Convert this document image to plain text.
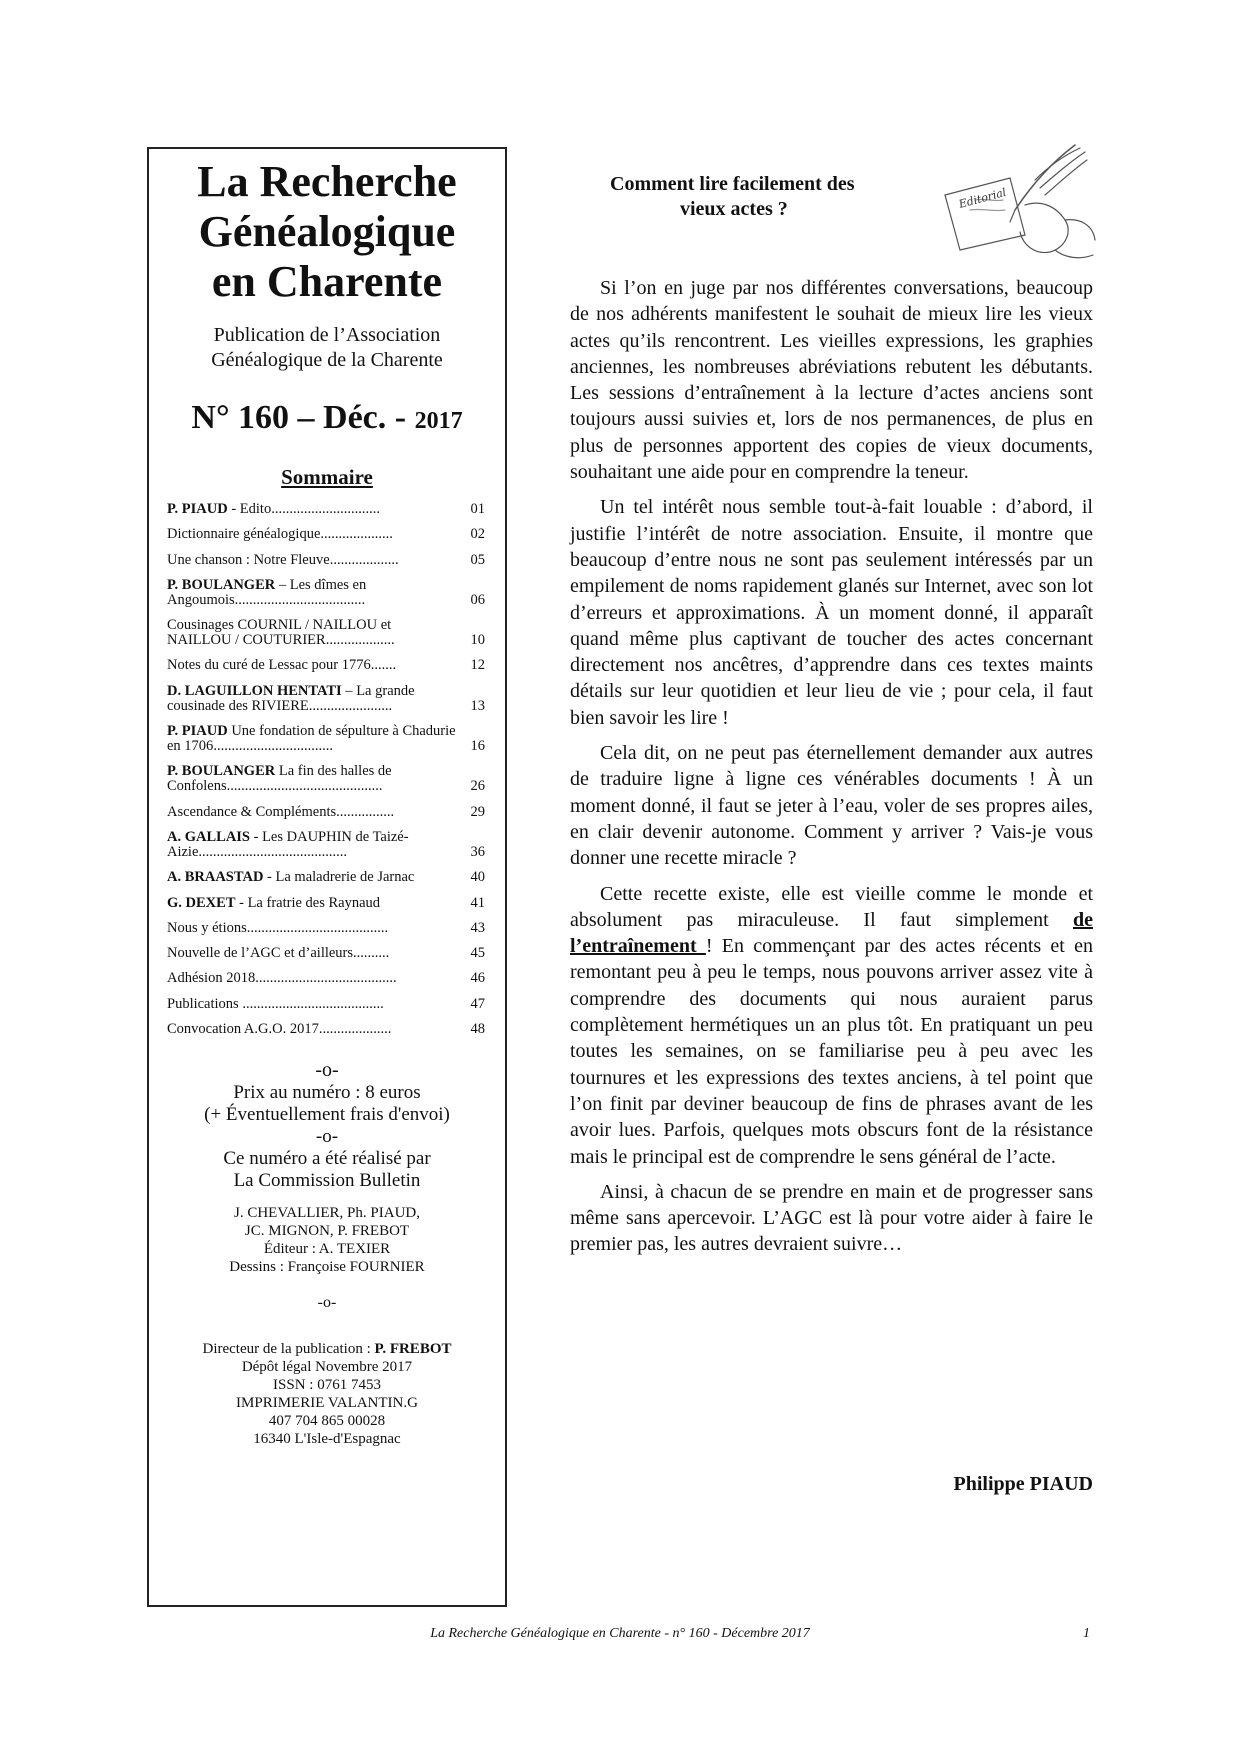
La Recherche
Généalogique
en Charente
Publication de l’Association
Généalogique de la Charente
N° 160 – Déc. - 2017
Sommaire
P. PIAUD - Edito..............................	01
Dictionnaire généalogique....................	02
Une chanson : Notre Fleuve...................	05
P. BOULANGER – Les dîmes en Angoumois....................................	06
Cousinages COURNIL / NAILLOU et NAILLOU / COUTURIER...................	10
Notes du curé de Lessac pour 1776.......	12
D. LAGUILLON HENTATI – La grande cousinade des RIVIERE.......................	13
P. PIAUD Une fondation de sépulture à Chadurie en 1706.................................	16
P. BOULANGER La fin des halles de Confolens...........................................	26
Ascendance & Compléments................	29
A. GALLAIS - Les DAUPHIN de Taizé-Aizie.........................................	36
A. BRAASTAD - La maladrerie de Jarnac	40
G. DEXET - La fratrie des Raynaud	41
Nous y étions.......................................	43
Nouvelle de l’AGC et d’ailleurs..........	45
Adhésion 2018.......................................	46
Publications .......................................	47
Convocation A.G.O. 2017....................	48
-o-
Prix au numéro : 8 euros
(+ Éventuellement frais d'envoi)
-o-
Ce numéro a été réalisé par
La Commission Bulletin
J. CHEVALLIER, Ph. PIAUD,
JC. MIGNON, P. FREBOT
Éditeur : A. TEXIER
Dessins : Françoise FOURNIER
-o-
Directeur de la publication : P. FREBOT
Dépôt légal Novembre 2017
ISSN : 0761 7453
IMPRIMERIE VALANTIN.G
407 704 865 00028
16340 L'Isle-d'Espagnac
Comment lire facilement des
vieux actes ?	Editorial

Si l’on en juge par nos différentes conversations, beaucoup de nos adhérents manifestent le souhait de mieux lire les vieux actes qu’ils rencontrent. Les vieilles expressions, les graphies anciennes, les nombreuses abréviations rebutent les débutants. Les sessions d’entraînement à la lecture d’actes anciens sont toujours aussi suivies et, lors de nos permanences, de plus en plus de personnes apportent des copies de vieux documents, souhaitant une aide pour en comprendre la teneur.

Un tel intérêt nous semble tout-à-fait louable : d’abord, il justifie l’intérêt de notre association. Ensuite, il montre que beaucoup d’entre nous ne sont pas seulement intéressés par un empilement de noms rapidement glanés sur Internet, avec son lot d’erreurs et approximations. À un moment donné, il apparaît quand même plus captivant de toucher des actes concernant directement nos ancêtres, d’apprendre dans ces textes maints détails sur leur quotidien et leur lieu de vie ; pour cela, il faut bien savoir les lire !

Cela dit, on ne peut pas éternellement demander aux autres de traduire ligne à ligne ces vénérables documents ! À un moment donné, il faut se jeter à l’eau, voler de ses propres ailes, en clair devenir autonome. Comment y arriver ? Vais-je vous donner une recette miracle ?

Cette recette existe, elle est vieille comme le monde et absolument pas miraculeuse. Il faut simplement de l’entraînement ! En commençant par des actes récents et en remontant peu à peu le temps, nous pouvons arriver assez vite à comprendre des documents qui nous auraient parus complètement hermétiques un an plus tôt. En pratiquant un peu toutes les semaines, on se familiarise peu à peu avec les tournures et les expressions des textes anciens, à tel point que l’on finit par deviner beaucoup de fins de phrases avant de les avoir lues. Parfois, quelques mots obscurs font de la résistance mais le principal est de comprendre le sens général de l’acte.

Ainsi, à chacun de se prendre en main et de progresser sans même sans apercevoir. L’AGC est là pour votre aider à faire le premier pas, les autres devraient suivre…

Philippe PIAUD
La Recherche Généalogique en Charente - n° 160 - Décembre 2017	1
